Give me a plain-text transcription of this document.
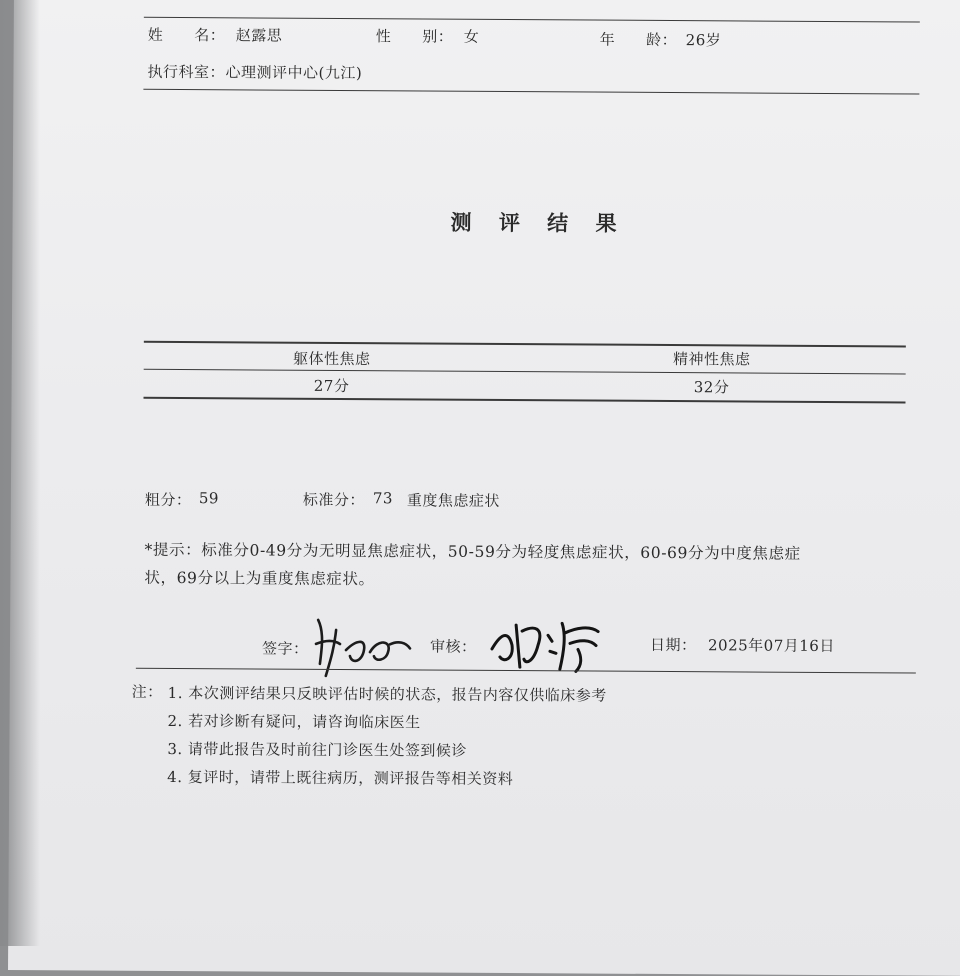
姓　　名： 赵露思	性　　别： 女	年　　龄： 26岁
执行科室： 心理测评中心(九江)
测 评 结 果
躯体性焦虑	精神性焦虑
27分	32分
粗分： 59	标准分： 73 重度焦虑症状
*提示：标准分0-49分为无明显焦虑症状，50-59分为轻度焦虑症状，60-69分为中度焦虑症
状，69分以上为重度焦虑症状。
签字：	审核：	日期： 2025年07月16日
注： 1. 本次测评结果只反映评估时候的状态，报告内容仅供临床参考
2. 若对诊断有疑问，请咨询临床医生
3. 请带此报告及时前往门诊医生处签到候诊
4. 复评时，请带上既往病历，测评报告等相关资料
